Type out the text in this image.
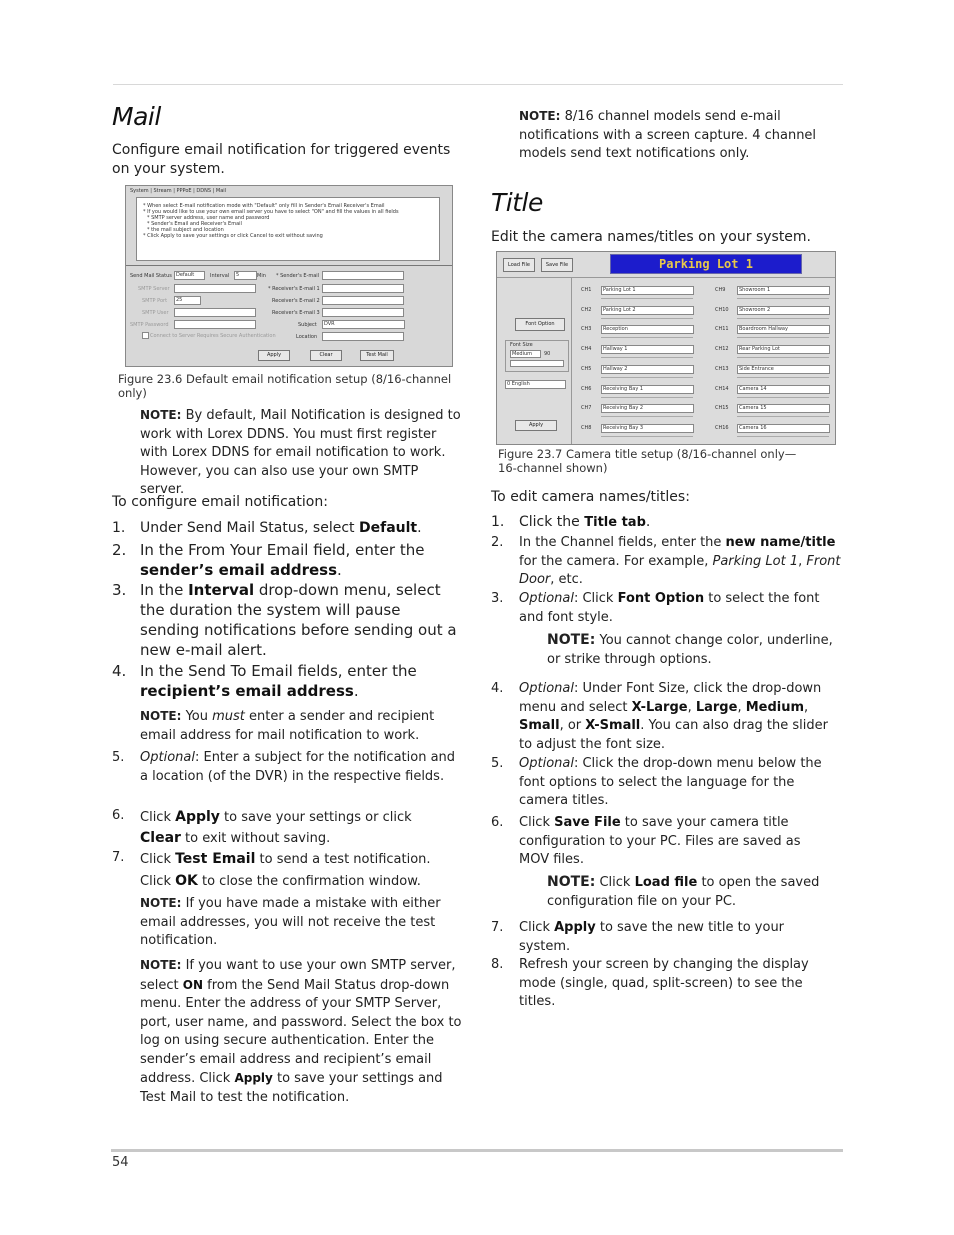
Mail

Configure email notification for triggered events on your system.

System | Stream | PPPoE | DDNS | Mail
* When select E-mail notification mode with "Default" only fill in Sender's Email Receiver's Email
* If you would like to use your own email server you have to select "ON" and fill the values in all fields
* SMTP server address, user name and password
* Sender's Email and Receiver's Email
* the mail subject and location
* Click Apply to save your settings or click Cancel to exit without saving
Send Mail Status Default	Interval	5	Min * Sender's E-mail
SMTP Server	* Receiver's E-mail 1
SMTP Port	25	Receiver's E-mail 2
SMTP User	Receiver's E-mail 3
SMTP Password	Subject	DVR
Connect to Server Requires Secure Authentication	Location
Apply	Clear	Test Mail

Figure 23.6 Default email notification setup (8/16-channel only)

NOTE: By default, Mail Notification is designed to work with Lorex DDNS. You must first register with Lorex DDNS for email notification to work. However, you can also use your own SMTP server.

To configure email notification:

1. Under Send Mail Status, select Default.
2. In the From Your Email field, enter the sender’s email address.
3. In the Interval drop-down menu, select the duration the system will pause sending notifications before sending out a new e-mail alert.
4. In the Send To Email fields, enter the recipient’s email address.
NOTE: You must enter a sender and recipient email address for mail notification to work.
5. Optional: Enter a subject for the notification and a location (of the DVR) in the respective fields.
6. Click Apply to save your settings or click Clear to exit without saving.
7. Click Test Email to send a test notification. Click OK to close the confirmation window.
NOTE: If you have made a mistake with either email addresses, you will not receive the test notification.
NOTE: If you want to use your own SMTP server, select ON from the Send Mail Status drop-down menu. Enter the address of your SMTP Server, port, user name, and password. Select the box to log on using secure authentication. Enter the sender’s email address and recipient’s email address. Click Apply to save your settings and Test Mail to test the notification.
NOTE: 8/16 channel models send e-mail notifications with a screen capture. 4 channel models send text notifications only.
Title

Edit the camera names/titles on your system.

Load File	Save File	Parking Lot 1
Font Option
Font Size
Medium	90
0 English
Apply
CH1	Parking Lot 1
CH2	Parking Lot 2
CH3	Reception
CH4	Hallway 1
CH5	Hallway 2
CH6	Receiving Bay 1
CH7	Receiving Bay 2
CH8	Receiving Bay 3
CH9	Showroom 1
CH10	Showroom 2
CH11	Boardroom Hallway
CH12	Rear Parking Lot
CH13	Side Entrance
CH14	Camera 14
CH15	Camera 15
CH16	Camera 16

Figure 23.7 Camera title setup (8/16-channel only—16-channel shown)

To edit camera names/titles:

1. Click the Title tab.
2. In the Channel fields, enter the new name/title for the camera. For example, Parking Lot 1, Front Door, etc.
3. Optional: Click Font Option to select the font and font style.
NOTE: You cannot change color, underline, or strike through options.
4. Optional: Under Font Size, click the drop-down menu and select X-Large, Large, Medium, Small, or X-Small. You can also drag the slider to adjust the font size.
5. Optional: Click the drop-down menu below the font options to select the language for the camera titles.
6. Click Save File to save your camera title configuration to your PC. Files are saved as MOV files.
NOTE: Click Load file to open the saved configuration file on your PC.
7. Click Apply to save the new title to your system.
8. Refresh your screen by changing the display mode (single, quad, split-screen) to see the titles.
54
